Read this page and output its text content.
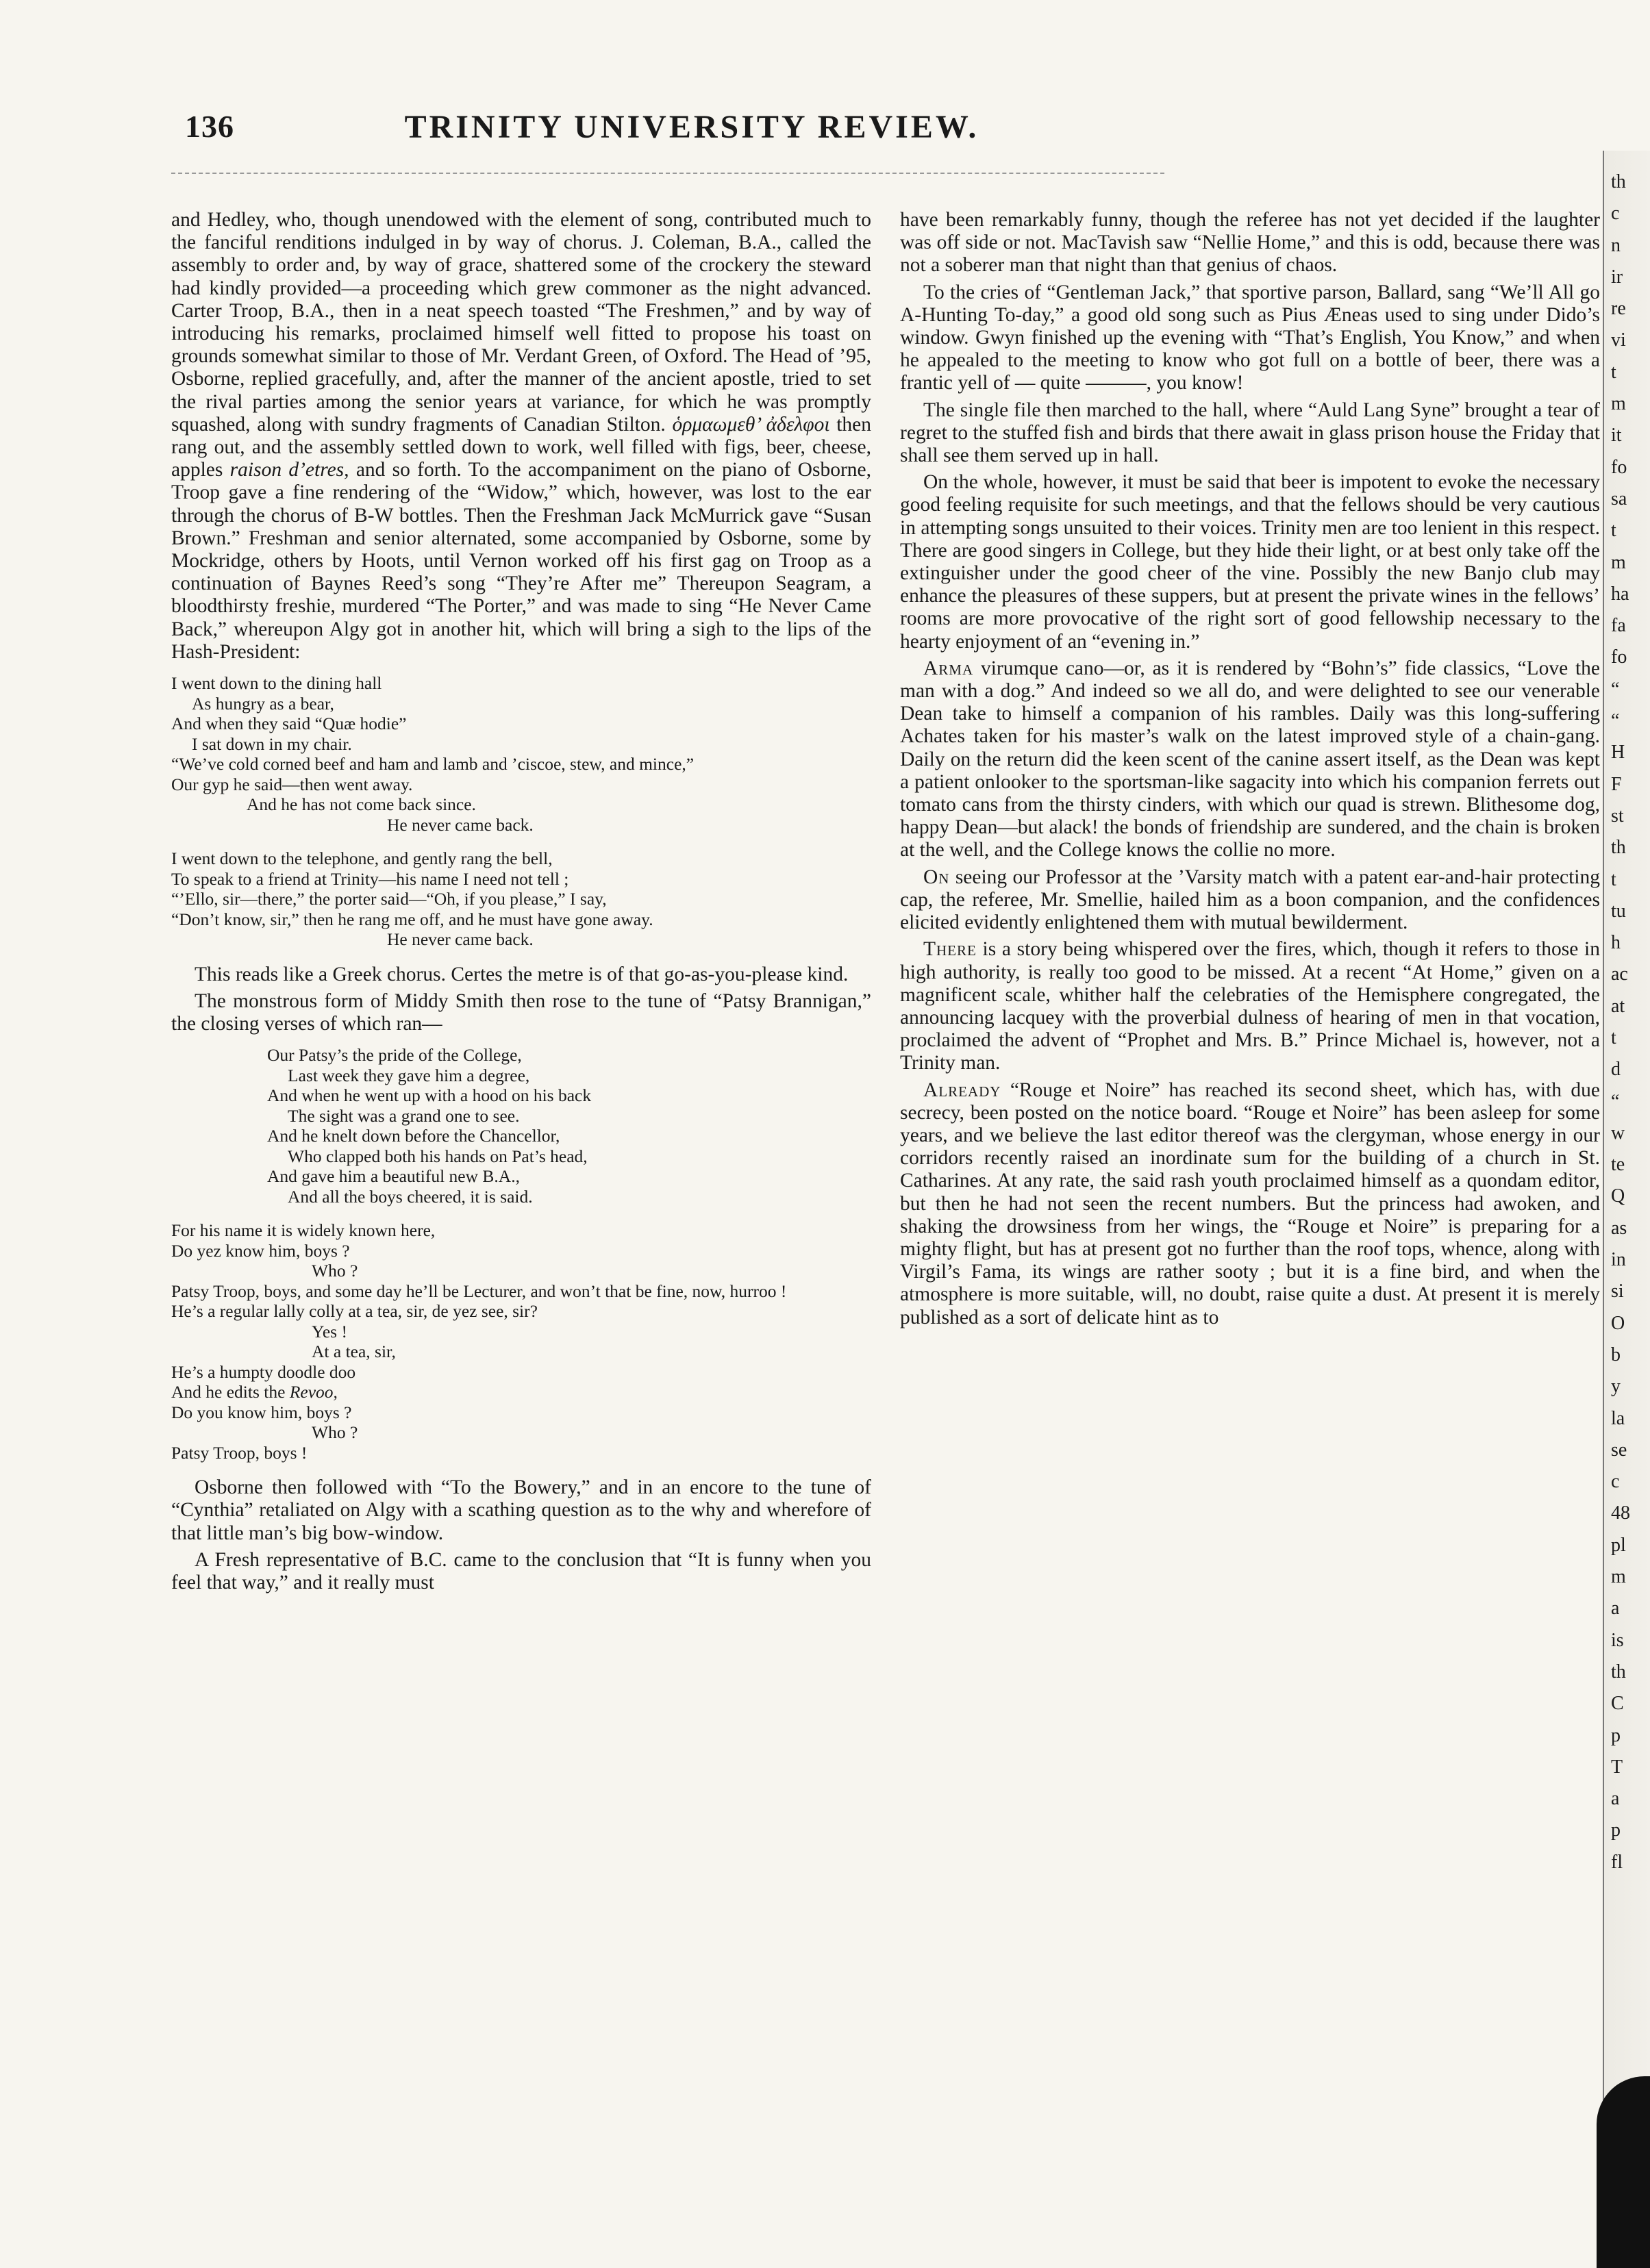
136	TRINITY UNIVERSITY REVIEW.

and Hedley, who, though unendowed with the element of song, contributed much to the fanciful renditions indulged in by way of chorus. J. Coleman, B.A., called the assembly to order and, by way of grace, shattered some of the crockery the steward had kindly provided—a proceeding which grew commoner as the night advanced. Carter Troop, B.A., then in a neat speech toasted “The Freshmen,” and by way of introducing his remarks, proclaimed himself well fitted to propose his toast on grounds somewhat similar to those of Mr. Verdant Green, of Oxford. The Head of ’95, Osborne, replied gracefully, and, after the manner of the ancient apostle, tried to set the rival parties among the senior years at variance, for which he was promptly squashed, along with sundry fragments of Canadian Stilton. ὁρμαωμεθ’ ἀδελφοι then rang out, and the assembly settled down to work, well filled with figs, beer, cheese, apples raison d’etres, and so forth. To the accompaniment on the piano of Osborne, Troop gave a fine rendering of the “Widow,” which, however, was lost to the ear through the chorus of B-W bottles. Then the Freshman Jack McMurrick gave “Susan Brown.” Freshman and senior alternated, some accompanied by Osborne, some by Mockridge, others by Hoots, until Vernon worked off his first gag on Troop as a continuation of Baynes Reed’s song “They’re After me” Thereupon Seagram, a bloodthirsty freshie, murdered “The Porter,” and was made to sing “He Never Came Back,” whereupon Algy got in another hit, which will bring a sigh to the lips of the Hash-President:

I went down to the dining hall
As hungry as a bear,
And when they said “Quæ hodie”
I sat down in my chair.
“We’ve cold corned beef and ham and lamb and ’ciscoe, stew, and mince,”
Our gyp he said—then went away.
And he has not come back since.
He never came back.
I went down to the telephone, and gently rang the bell,
To speak to a friend at Trinity—his name I need not tell ;
“’Ello, sir—there,” the porter said—“Oh, if you please,” I say,
“Don’t know, sir,” then he rang me off, and he must have gone away.
He never came back.

This reads like a Greek chorus. Certes the metre is of that go-as-you-please kind.

The monstrous form of Middy Smith then rose to the tune of “Patsy Brannigan,” the closing verses of which ran—

Our Patsy’s the pride of the College,
Last week they gave him a degree,
And when he went up with a hood on his back
The sight was a grand one to see.
And he knelt down before the Chancellor,
Who clapped both his hands on Pat’s head,
And gave him a beautiful new B.A.,
And all the boys cheered, it is said.
For his name it is widely known here,
Do yez know him, boys ?
Who ?
Patsy Troop, boys, and some day he’ll be Lecturer, and won’t that be fine, now, hurroo !
He’s a regular lally colly at a tea, sir, de yez see, sir?
Yes !
At a tea, sir,
He’s a humpty doodle doo
And he edits the Revoo,
Do you know him, boys ?
Who ?
Patsy Troop, boys !

Osborne then followed with “To the Bowery,” and in an encore to the tune of “Cynthia” retaliated on Algy with a scathing question as to the why and wherefore of that little man’s big bow-window.

A Fresh representative of B.C. came to the conclusion that “It is funny when you feel that way,” and it really must

have been remarkably funny, though the referee has not yet decided if the laughter was off side or not. MacTavish saw “Nellie Home,” and this is odd, because there was not a soberer man that night than that genius of chaos.

To the cries of “Gentleman Jack,” that sportive parson, Ballard, sang “We’ll All go A-Hunting To-day,” a good old song such as Pius Æneas used to sing under Dido’s window. Gwyn finished up the evening with “That’s English, You Know,” and when he appealed to the meeting to know who got full on a bottle of beer, there was a frantic yell of — quite ———, you know!

The single file then marched to the hall, where “Auld Lang Syne” brought a tear of regret to the stuffed fish and birds that there await in glass prison house the Friday that shall see them served up in hall.

On the whole, however, it must be said that beer is impotent to evoke the necessary good feeling requisite for such meetings, and that the fellows should be very cautious in attempting songs unsuited to their voices. Trinity men are too lenient in this respect. There are good singers in College, but they hide their light, or at best only take off the extinguisher under the good cheer of the vine. Possibly the new Banjo club may enhance the pleasures of these suppers, but at present the private wines in the fellows’ rooms are more provocative of the right sort of good fellowship necessary to the hearty enjoyment of an “evening in.”

Arma virumque cano—or, as it is rendered by “Bohn’s” fide classics, “Love the man with a dog.” And indeed so we all do, and were delighted to see our venerable Dean take to himself a companion of his rambles. Daily was this long-suffering Achates taken for his master’s walk on the latest improved style of a chain-gang. Daily on the return did the keen scent of the canine assert itself, as the Dean was kept a patient onlooker to the sportsman-like sagacity into which his companion ferrets out tomato cans from the thirsty cinders, with which our quad is strewn. Blithesome dog, happy Dean—but alack! the bonds of friendship are sundered, and the chain is broken at the well, and the College knows the collie no more.

On seeing our Professor at the ’Varsity match with a patent ear-and-hair protecting cap, the referee, Mr. Smellie, hailed him as a boon companion, and the confidences elicited evidently enlightened them with mutual bewilderment.

There is a story being whispered over the fires, which, though it refers to those in high authority, is really too good to be missed. At a recent “At Home,” given on a magnificent scale, whither half the celebraties of the Hemisphere congregated, the announcing lacquey with the proverbial dulness of hearing of men in that vocation, proclaimed the advent of “Prophet and Mrs. B.” Prince Michael is, however, not a Trinity man.

Already “Rouge et Noire” has reached its second sheet, which has, with due secrecy, been posted on the notice board. “Rouge et Noire” has been asleep for some years, and we believe the last editor thereof was the clergyman, whose energy in our corridors recently raised an inordinate sum for the building of a church in St. Catharines. At any rate, the said rash youth proclaimed himself as a quondam editor, but then he had not seen the recent numbers. But the princess had awoken, and shaking the drowsiness from her wings, the “Rouge et Noire” is preparing for a mighty flight, but has at present got no further than the roof tops, whence, along with Virgil’s Fama, its wings are rather sooty ; but it is a fine bird, and when the atmosphere is more suitable, will, no doubt, raise quite a dust. At present it is merely published as a sort of delicate hint as to

th
c
n
ir
re
vi
t
m
it
fo
sa
t
m
ha
fa
fo
“
“
H
F
st
th
t
tu
h
ac
at
t
d
“
w
te
Q
as
in
si
O
b
y
la
se
c
48
pl
m
a
is
th
C
p
T
a
p
fl
